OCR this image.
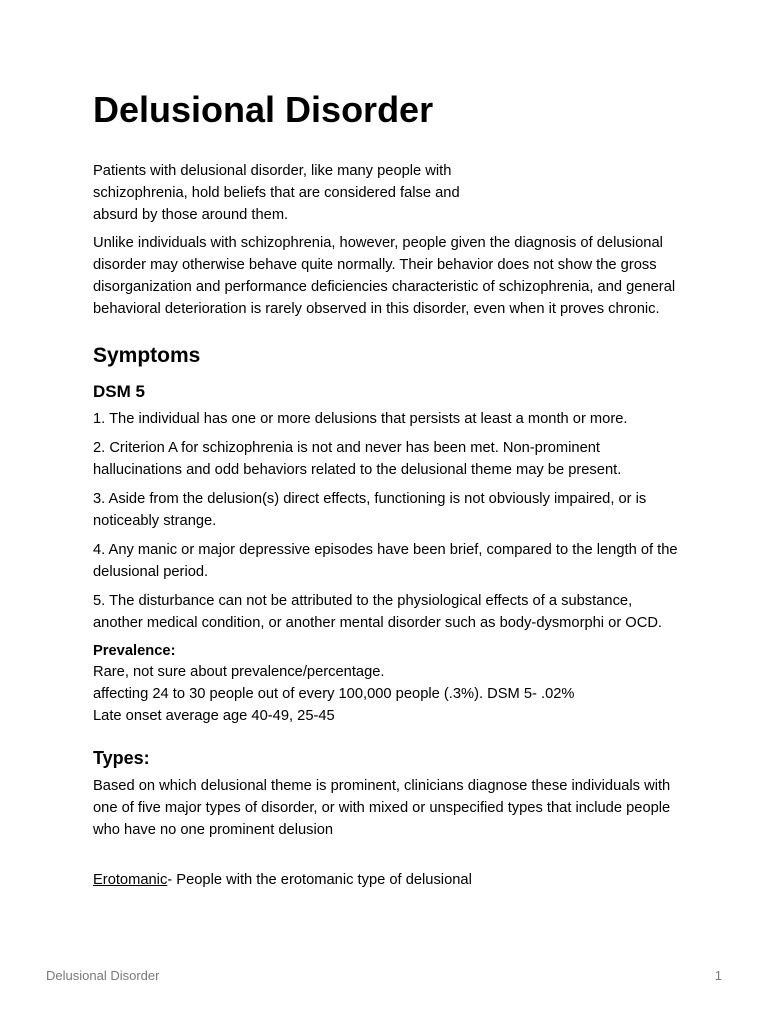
Delusional Disorder

Patients with delusional disorder, like many people with schizophrenia, hold beliefs that are considered false and absurd by those around them.

Unlike individuals with schizophrenia, however, people given the diagnosis of delusional disorder may otherwise behave quite normally. Their behavior does not show the gross disorganization and performance deficiencies characteristic of schizophrenia, and general behavioral deterioration is rarely observed in this disorder, even when it proves chronic.

Symptoms
DSM 5

1. The individual has one or more delusions that persists at least a month or more.

2. Criterion A for schizophrenia is not and never has been met. Non-prominent hallucinations and odd behaviors related to the delusional theme may be present.

3. Aside from the delusion(s) direct effects, functioning is not obviously impaired, or is noticeably strange.

4. Any manic or major depressive episodes have been brief, compared to the length of the delusional period.

5. The disturbance can not be attributed to the physiological effects of a substance, another medical condition, or another mental disorder such as body-dysmorphi or OCD.

Prevalence:

Rare, not sure about prevalence/percentage.

affecting 24 to 30 people out of every 100,000 people (.3%). DSM 5- .02%

Late onset average age 40-49, 25-45

Types:

Based on which delusional theme is prominent, clinicians diagnose these individuals with one of five major types of disorder, or with mixed or unspecified types that include people who have no one prominent delusion

Erotomanic- People with the erotomanic type of delusional

Delusional Disorder	1
